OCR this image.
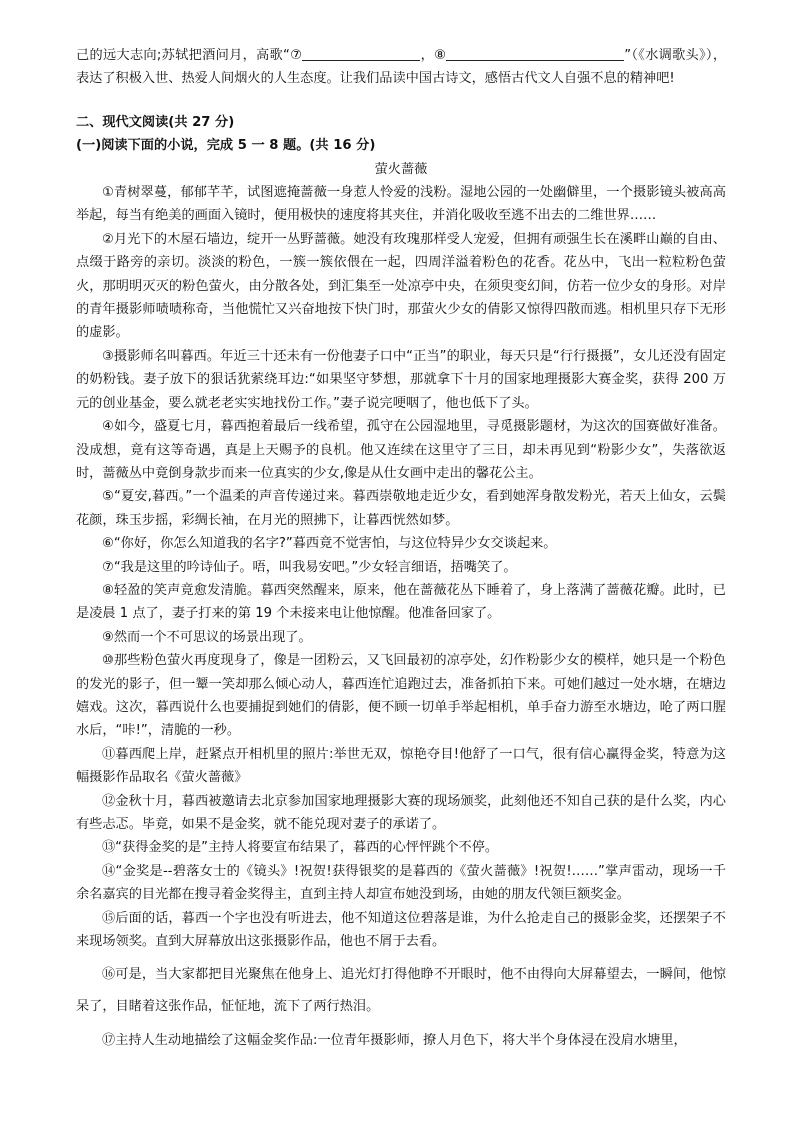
己的远大志向;苏轼把酒问月，高歌“⑦	，⑧	”（《水调歌头》），表达了积极入世、热爱人间烟火的人生态度。让我们品读中国古诗文，感悟古代文人自强不息的精神吧!

二、现代文阅读(共 27 分)

(一)阅读下面的小说，完成 5 一 8 题。(共 16 分)

萤火蔷薇

①青树翠蔓，郁郁芊芊，试图遮掩蔷薇一身惹人怜爱的浅粉。湿地公园的一处幽僻里，一个摄影镜头被高高举起，每当有绝美的画面入镜时，便用极快的速度将其夹住，并消化吸收至逃不出去的二维世界……

②月光下的木屋石墙边，绽开一丛野蔷薇。她没有玫瑰那样受人宠爱，但拥有顽强生长在溪畔山巅的自由、点缀于路旁的亲切。淡淡的粉色，一簇一簇依偎在一起，四周洋溢着粉色的花香。花丛中，飞出一粒粒粉色萤火，那明明灭灭的粉色萤火，由分散各处，到汇集至一处凉亭中央，在须臾变幻间，仿若一位少女的身形。对岸的青年摄影师啧啧称奇，当他慌忙又兴奋地按下快门时，那萤火少女的倩影又惊得四散而逃。相机里只存下无形的虚影。

③摄影师名叫暮西。年近三十还未有一份他妻子口中“正当”的职业，每天只是“行行摄摄”，女儿还没有固定的奶粉钱。妻子放下的狠话犹萦绕耳边:“如果坚守梦想，那就拿下十月的国家地理摄影大赛金奖，获得 200 万元的创业基金，要么就老老实实地找份工作。”妻子说完哽咽了，他也低下了头。

④如今，盛夏七月，暮西抱着最后一线希望，孤守在公园湿地里，寻觅摄影题材，为这次的国赛做好准备。没成想，竟有这等奇遇，真是上天赐予的良机。他又连续在这里守了三日，却未再见到“粉影少女”，失落欲返时，蔷薇丛中竟倒身款步而来一位真实的少女,像是从仕女画中走出的馨花公主。

⑤“夏安,暮西。”一个温柔的声音传递过来。暮西崇敬地走近少女，看到她浑身散发粉光，若天上仙女，云鬓花颜，珠玉步摇，彩绸长袖，在月光的照拂下，让暮西恍然如梦。

⑥“你好，你怎么知道我的名字?”暮西竟不觉害怕，与这位特异少女交谈起来。

⑦“我是这里的吟诗仙子。唔，叫我易安吧。”少女轻言细语，捂嘴笑了。

⑧轻盈的笑声竟愈发清脆。暮西突然醒来，原来，他在蔷薇花丛下睡着了，身上落满了蔷薇花瓣。此时，已是凌晨 1 点了，妻子打来的第 19 个未接来电让他惊醒。他准备回家了。

⑨然而一个不可思议的场景出现了。

⑩那些粉色萤火再度现身了，像是一团粉云，又飞回最初的凉亭处，幻作粉影少女的模样，她只是一个粉色的发光的影子，但一颦一笑却那么倾心动人，暮西连忙追跑过去，准备抓拍下来。可她们越过一处水塘，在塘边嬉戏。这次，暮西说什么也要捕捉到她们的倩影，便不顾一切单手举起相机，单手奋力游至水塘边，呛了两口腥水后，“咔!”，清脆的一秒。

⑪暮西爬上岸，赶紧点开相机里的照片:举世无双，惊艳夺目!他舒了一口气，很有信心赢得金奖，特意为这幅摄影作品取名《萤火蔷薇》

⑫金秋十月，暮西被邀请去北京参加国家地理摄影大赛的现场颁奖，此刻他还不知自己获的是什么奖，内心有些忐忑。毕竟，如果不是金奖，就不能兑现对妻子的承诺了。

⑬“获得金奖的是”主持人将要宣布结果了，暮西的心怦怦跳个不停。

⑭“金奖是--碧落女士的《镜头》!祝贺!获得银奖的是暮西的《萤火蔷薇》!祝贺!……”掌声雷动，现场一千余名嘉宾的目光都在搜寻着金奖得主，直到主持人却宣布她没到场，由她的朋友代领巨额奖金。

⑮后面的话，暮西一个字也没有听进去，他不知道这位碧落是谁，为什么抢走自己的摄影金奖，还摆架子不来现场领奖。直到大屏幕放出这张摄影作品，他也不屑于去看。

⑯可是，当大家都把目光聚焦在他身上、追光灯打得他睁不开眼时，他不由得向大屏幕望去，一瞬间，他惊呆了，目睹着这张作品，怔怔地，流下了两行热泪。

⑰主持人生动地描绘了这幅金奖作品:一位青年摄影师，撩人月色下，将大半个身体浸在没肩水塘里，
